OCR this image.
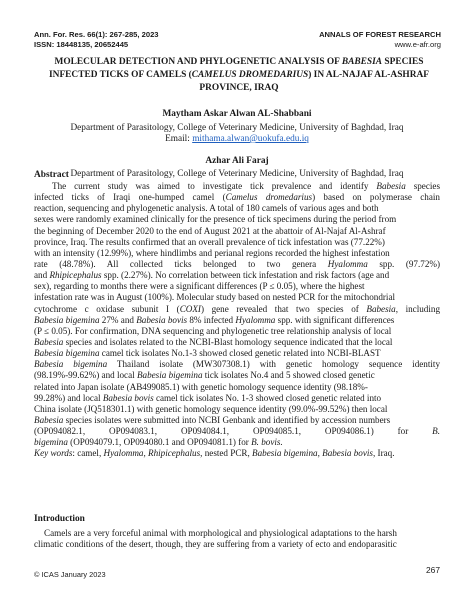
Ann. For. Res. 66(1): 267-285, 2023
ISSN: 18448135, 20652445
ANNALS OF FOREST RESEARCH
www.e-afr.org
MOLECULAR DETECTION AND PHYLOGENETIC ANALYSIS OF BABESIA SPECIES INFECTED TICKS OF CAMELS (CAMELUS DROMEDARIUS) IN AL-NAJAF AL-ASHRAF PROVINCE, IRAQ
Maytham Askar Alwan AL-Shabbani
Department of Parasitology, College of Veterinary Medicine, University of Baghdad, Iraq
Email: mithama.alwan@uokufa.edu.iq
Azhar Ali Faraj
Department of Parasitology, College of Veterinary Medicine, University of Baghdad, Iraq
Abstract
The current study was aimed to investigate tick prevalence and identify Babesia species
infected ticks of Iraqi one-humped camel (Camelus dromedarius) based on polymerase chain
reaction, sequencing and phylogenetic analysis. A total of 180 camels of various ages and both
sexes were randomly examined clinically for the presence of tick specimens during the period from
the beginning of December 2020 to the end of August 2021 at the abattoir of Al-Najaf Al-Ashraf
province, Iraq. The results confirmed that an overall prevalence of tick infestation was (77.22%)
with an intensity (12.99%), where hindlimbs and perianal regions recorded the highest infestation
rate (48.78%). All collected ticks belonged to two genera Hyalomma spp. (97.72%)
and Rhipicephalus spp. (2.27%). No correlation between tick infestation and risk factors (age and
sex), regarding to months there were a significant differences (P ≤ 0.05), where the highest
infestation rate was in August (100%). Molecular study based on nested PCR for the mitochondrial
cytochrome c oxidase subunit I (COXI) gene revealed that two species of Babesia, including
Babesia bigemina 27% and Babesia bovis 8% infected Hyalomma spp. with significant differences
(P ≤ 0.05). For confirmation, DNA sequencing and phylogenetic tree relationship analysis of local
Babesia species and isolates related to the NCBI-Blast homology sequence indicated that the local
Babesia bigemina camel tick isolates No.1-3 showed closed genetic related into NCBI-BLAST
Babesia bigemina Thailand isolate (MW307308.1) with genetic homology sequence identity
(98.19%-99.62%) and local Babesia bigemina tick isolates No.4 and 5 showed closed genetic
related into Japan isolate (AB499085.1) with genetic homology sequence identity (98.18%-
99.28%) and local Babesia bovis camel tick isolates No. 1-3 showed closed genetic related into
China isolate (JQ518301.1) with genetic homology sequence identity (99.0%-99.52%) then local
Babesia species isolates were submitted into NCBI Genbank and identified by accession numbers
(OP094082.1, OP094083.1, OP094084.1, OP094085.1, OP094086.1) for B.
bigemina (OP094079.1, OP094080.1 and OP094081.1) for B. bovis.
Key words: camel, Hyalomma, Rhipicephalus, nested PCR, Babesia bigemina, Babesia bovis, Iraq.
Introduction
Camels are a very forceful animal with morphological and physiological adaptations to the harsh
climatic conditions of the desert, though, they are suffering from a variety of ecto and endoparasitic
© ICAS January 2023	267
